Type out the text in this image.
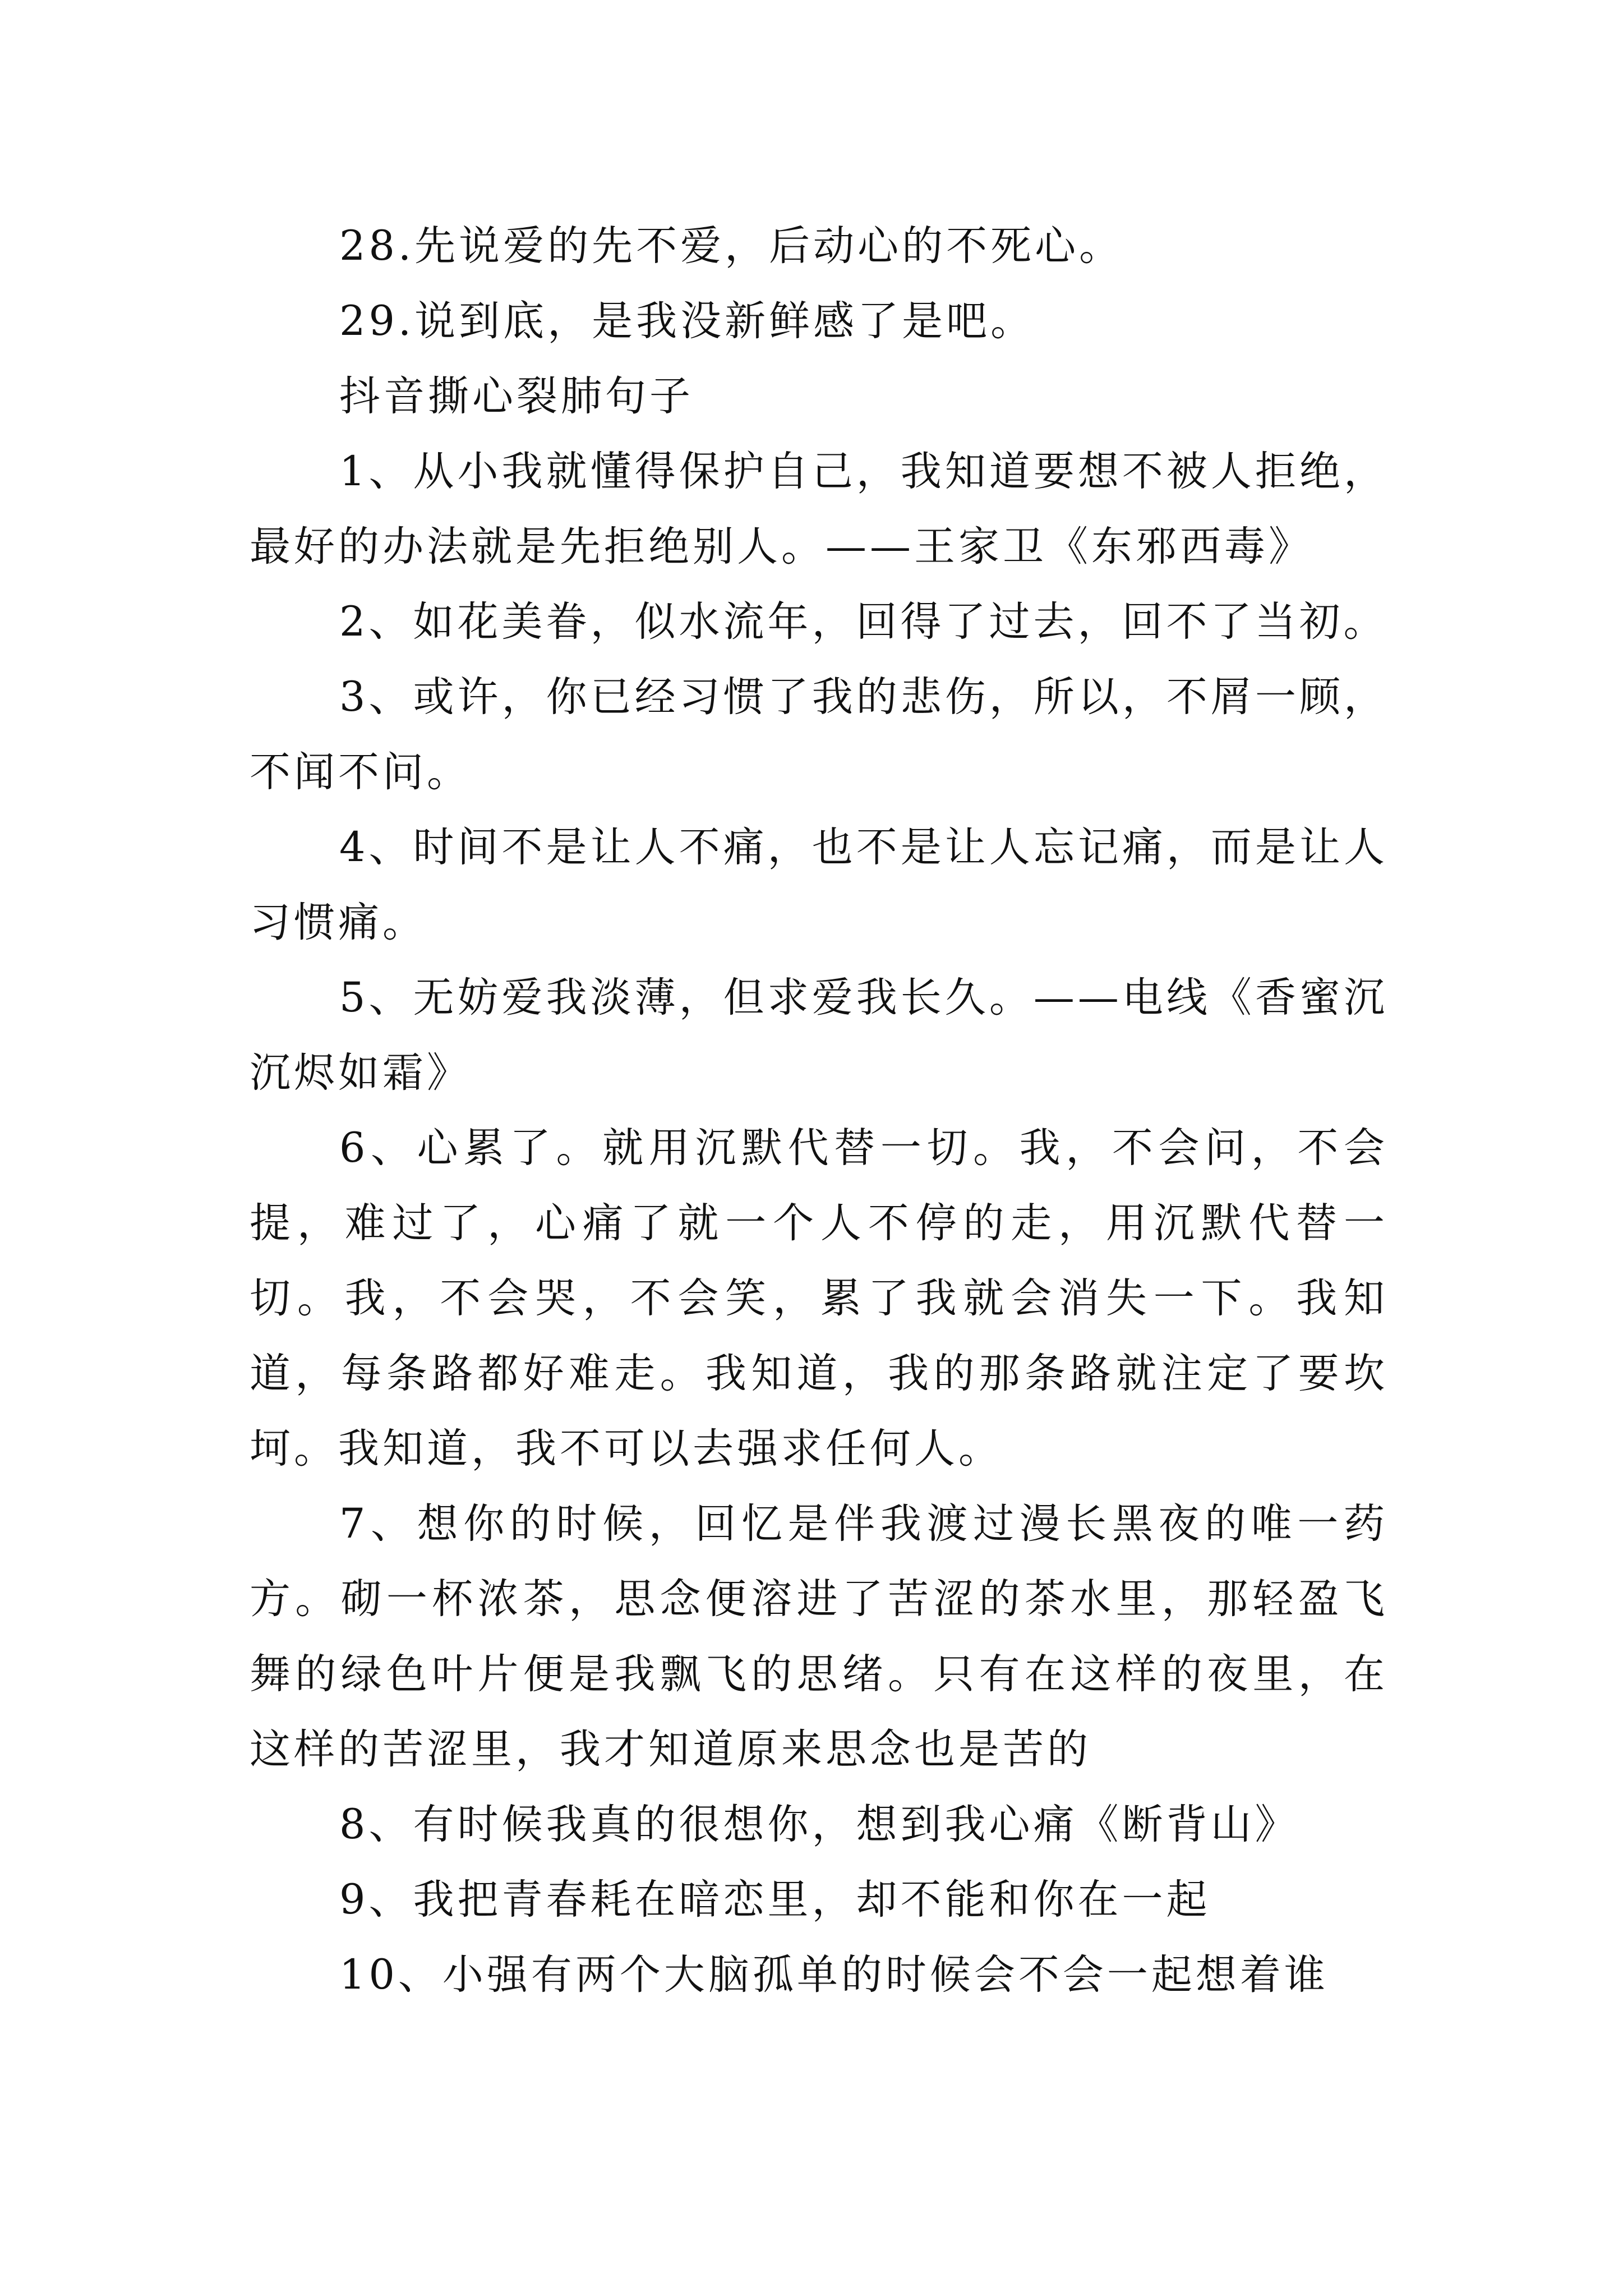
28.先说爱的先不爱，后动心的不死心。

29.说到底，是我没新鲜感了是吧。

抖音撕心裂肺句子

1、从小我就懂得保护自己，我知道要想不被人拒绝，最好的办法就是先拒绝别人。——王家卫《东邪西毒》

2、如花美眷，似水流年，回得了过去，回不了当初。

3、或许，你已经习惯了我的悲伤，所以，不屑一顾，不闻不问。

4、时间不是让人不痛，也不是让人忘记痛，而是让人习惯痛。

5、无妨爱我淡薄，但求爱我长久。——电线《香蜜沉沉烬如霜》

6、心累了。就用沉默代替一切。我，不会问，不会提，难过了，心痛了就一个人不停的走，用沉默代替一切。我，不会哭，不会笑，累了我就会消失一下。我知道，每条路都好难走。我知道，我的那条路就注定了要坎坷。我知道，我不可以去强求任何人。

7、想你的时候，回忆是伴我渡过漫长黑夜的唯一药方。砌一杯浓茶，思念便溶进了苦涩的茶水里，那轻盈飞舞的绿色叶片便是我飘飞的思绪。只有在这样的夜里，在这样的苦涩里，我才知道原来思念也是苦的

8、有时候我真的很想你，想到我心痛《断背山》

9、我把青春耗在暗恋里，却不能和你在一起

10、小强有两个大脑孤单的时候会不会一起想着谁
